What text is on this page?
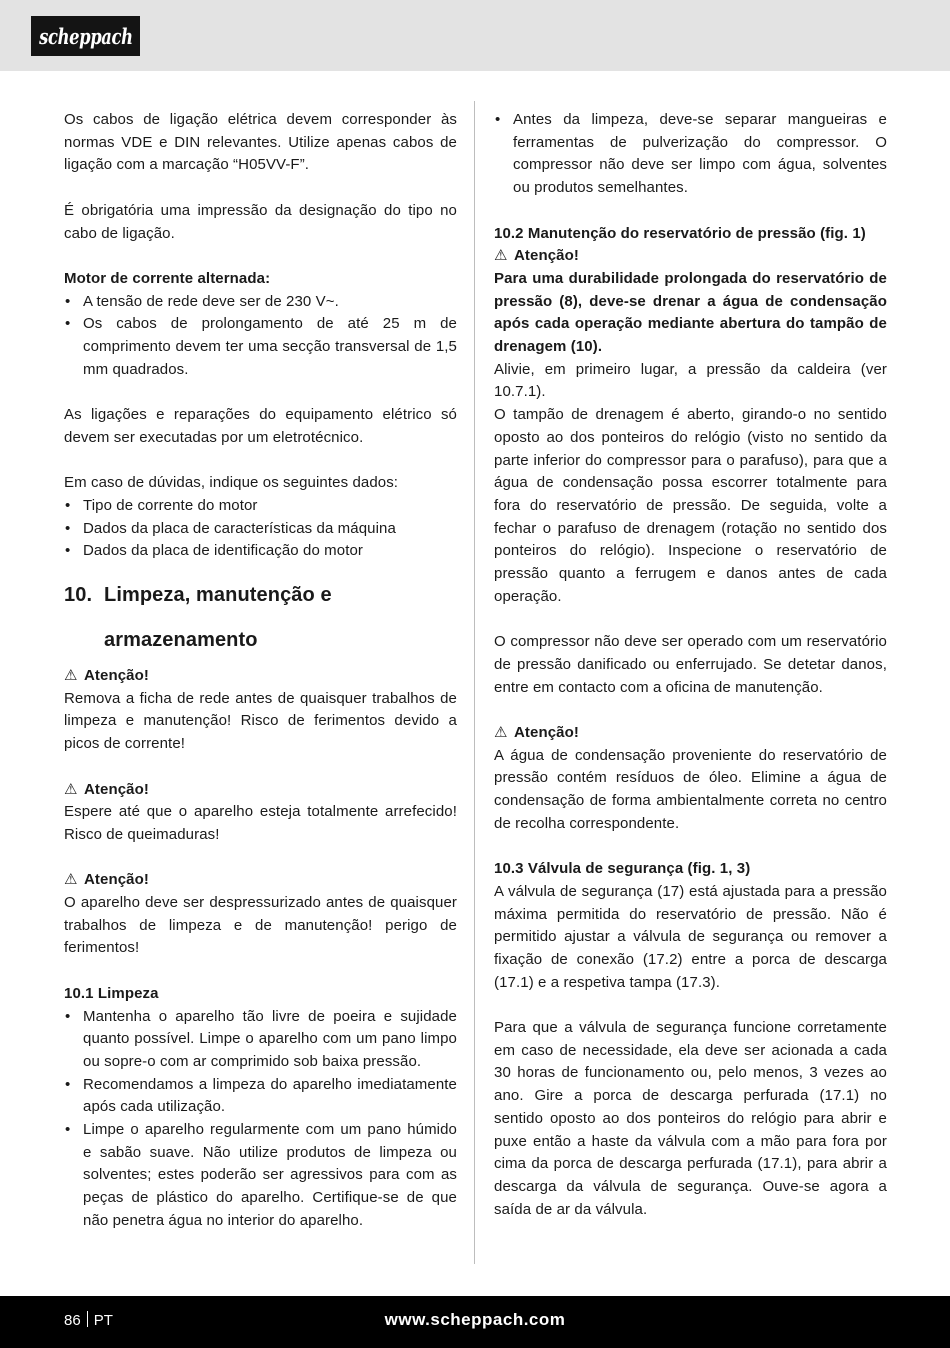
scheppach

Os cabos de ligação elétrica devem corresponder às normas VDE e DIN relevantes. Utilize apenas cabos de ligação com a marcação “H05VV-F”.

É obrigatória uma impressão da designação do tipo no cabo de ligação.

Motor de corrente alternada:

• A tensão de rede deve ser de 230 V~.
• Os cabos de prolongamento de até 25 m de comprimento devem ter uma secção transversal de 1,5 mm quadrados.

As ligações e reparações do equipamento elétrico só devem ser executadas por um eletrotécnico.

Em caso de dúvidas, indique os seguintes dados:

• Tipo de corrente do motor
• Dados da placa de características da máquina
• Dados da placa de identificação do motor
10. Limpeza, manutenção e
armazenamento
⚠ Atenção!

Remova a ficha de rede antes de quaisquer trabalhos de limpeza e manutenção! Risco de ferimentos devido a picos de corrente!

⚠ Atenção!

Espere até que o aparelho esteja totalmente arrefecido! Risco de queimaduras!

⚠ Atenção!

O aparelho deve ser despressurizado antes de quaisquer trabalhos de limpeza e de manutenção! perigo de ferimentos!

10.1 Limpeza

• Mantenha o aparelho tão livre de poeira e sujidade quanto possível. Limpe o aparelho com um pano limpo ou sopre-o com ar comprimido sob baixa pressão.
• Recomendamos a limpeza do aparelho imediatamente após cada utilização.
• Limpe o aparelho regularmente com um pano húmido e sabão suave. Não utilize produtos de limpeza ou solventes; estes poderão ser agressivos para com as peças de plástico do aparelho. Certifique-se de que não penetra água no interior do aparelho.
• Antes da limpeza, deve-se separar mangueiras e ferramentas de pulverização do compressor. O compressor não deve ser limpo com água, solventes ou produtos semelhantes.

10.2 Manutenção do reservatório de pressão (fig. 1)

⚠ Atenção!

Para uma durabilidade prolongada do reservatório de pressão (8), deve-se drenar a água de condensação após cada operação mediante abertura do tampão de drenagem (10).

Alivie, em primeiro lugar, a pressão da caldeira (ver 10.7.1).

O tampão de drenagem é aberto, girando-o no sentido oposto ao dos ponteiros do relógio (visto no sentido da parte inferior do compressor para o parafuso), para que a água de condensação possa escorrer totalmente para fora do reservatório de pressão. De seguida, volte a fechar o parafuso de drenagem (rotação no sentido dos ponteiros do relógio). Inspecione o reservatório de pressão quanto a ferrugem e danos antes de cada operação.

O compressor não deve ser operado com um reservatório de pressão danificado ou enferrujado. Se detetar danos, entre em contacto com a oficina de manutenção.

⚠ Atenção!

A água de condensação proveniente do reservatório de pressão contém resíduos de óleo. Elimine a água de condensação de forma ambientalmente correta no centro de recolha correspondente.

10.3 Válvula de segurança (fig. 1, 3)

A válvula de segurança (17) está ajustada para a pressão máxima permitida do reservatório de pressão. Não é permitido ajustar a válvula de segurança ou remover a fixação de conexão (17.2) entre a porca de descarga (17.1) e a respetiva tampa (17.3).

Para que a válvula de segurança funcione corretamente em caso de necessidade, ela deve ser acionada a cada 30 horas de funcionamento ou, pelo menos, 3 vezes ao ano. Gire a porca de descarga perfurada (17.1) no sentido oposto ao dos ponteiros do relógio para abrir e puxe então a haste da válvula com a mão para fora por cima da porca de descarga perfurada (17.1), para abrir a descarga da válvula de segurança. Ouve-se agora a saída de ar da válvula.

86 PT	www.scheppach.com
